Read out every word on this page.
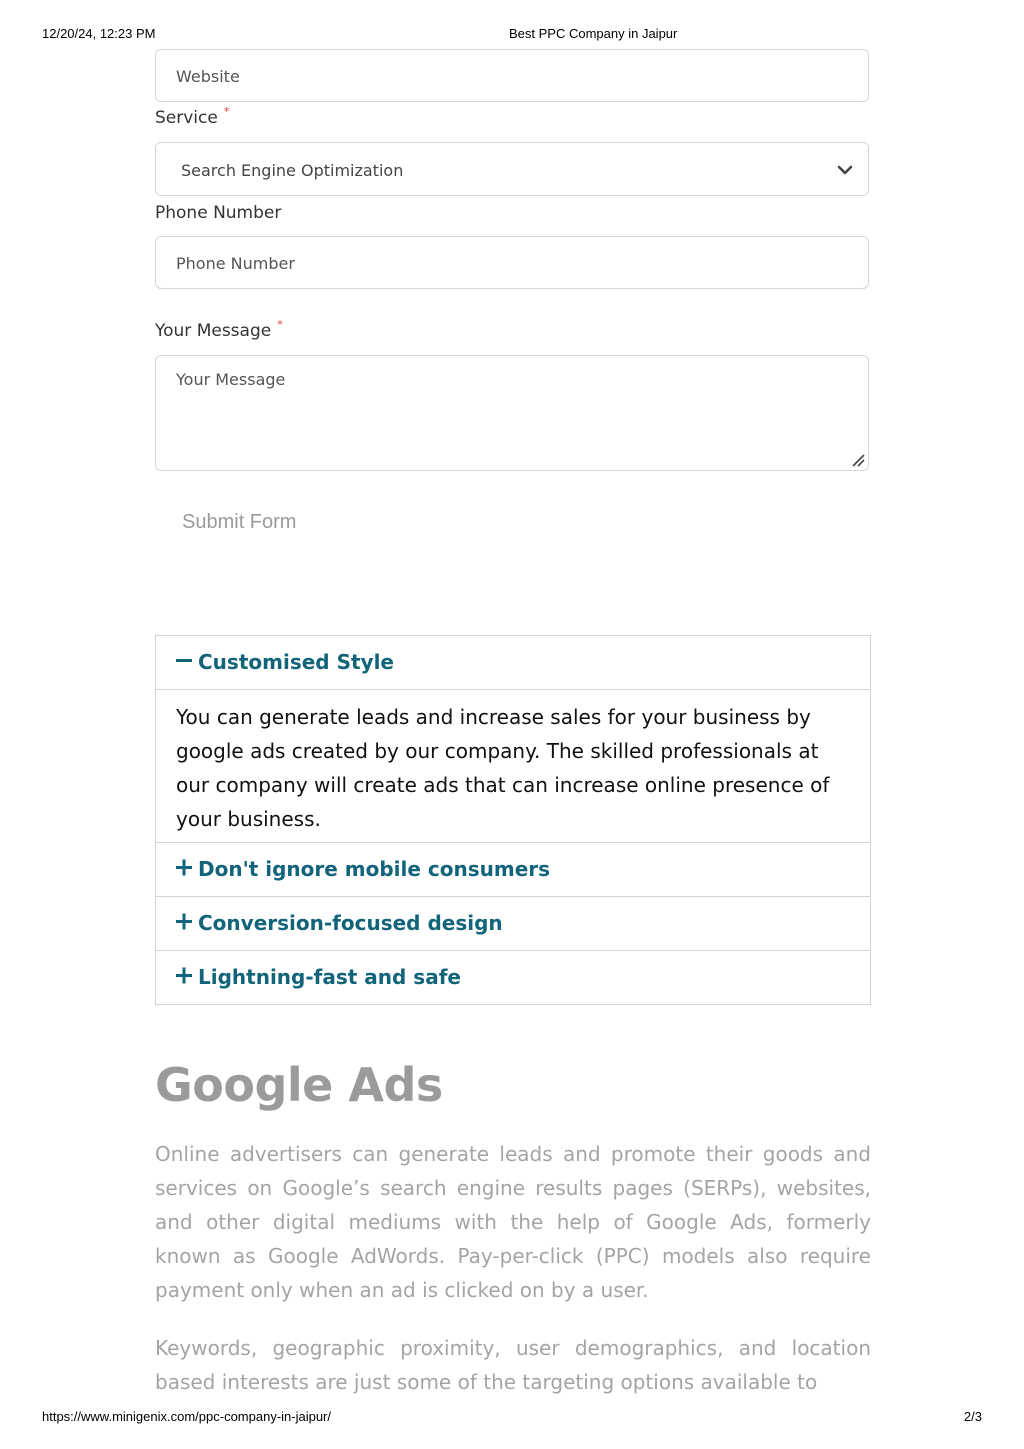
12/20/24, 12:23 PM	Best PPC Company in Jaipur
Website
Service *
Search Engine Optimization
Phone Number
Phone Number
Your Message *
Your Message
Submit Form
Customised Style
You can generate leads and increase sales for your business by google ads created by our company. The skilled professionals at our company will create ads that can increase online presence of your business.
Don't ignore mobile consumers
Conversion-focused design
Lightning-fast and safe
Google Ads

Online advertisers can generate leads and promote their goods and services on Google’s search engine results pages (SERPs), websites, and other digital mediums with the help of Google Ads, formerly known as Google AdWords. Pay-per-click (PPC) models also require payment only when an ad is clicked on by a user.

Keywords, geographic proximity, user demographics, and location based interests are just some of the targeting options available to

https://www.minigenix.com/ppc-company-in-jaipur/	2/3
